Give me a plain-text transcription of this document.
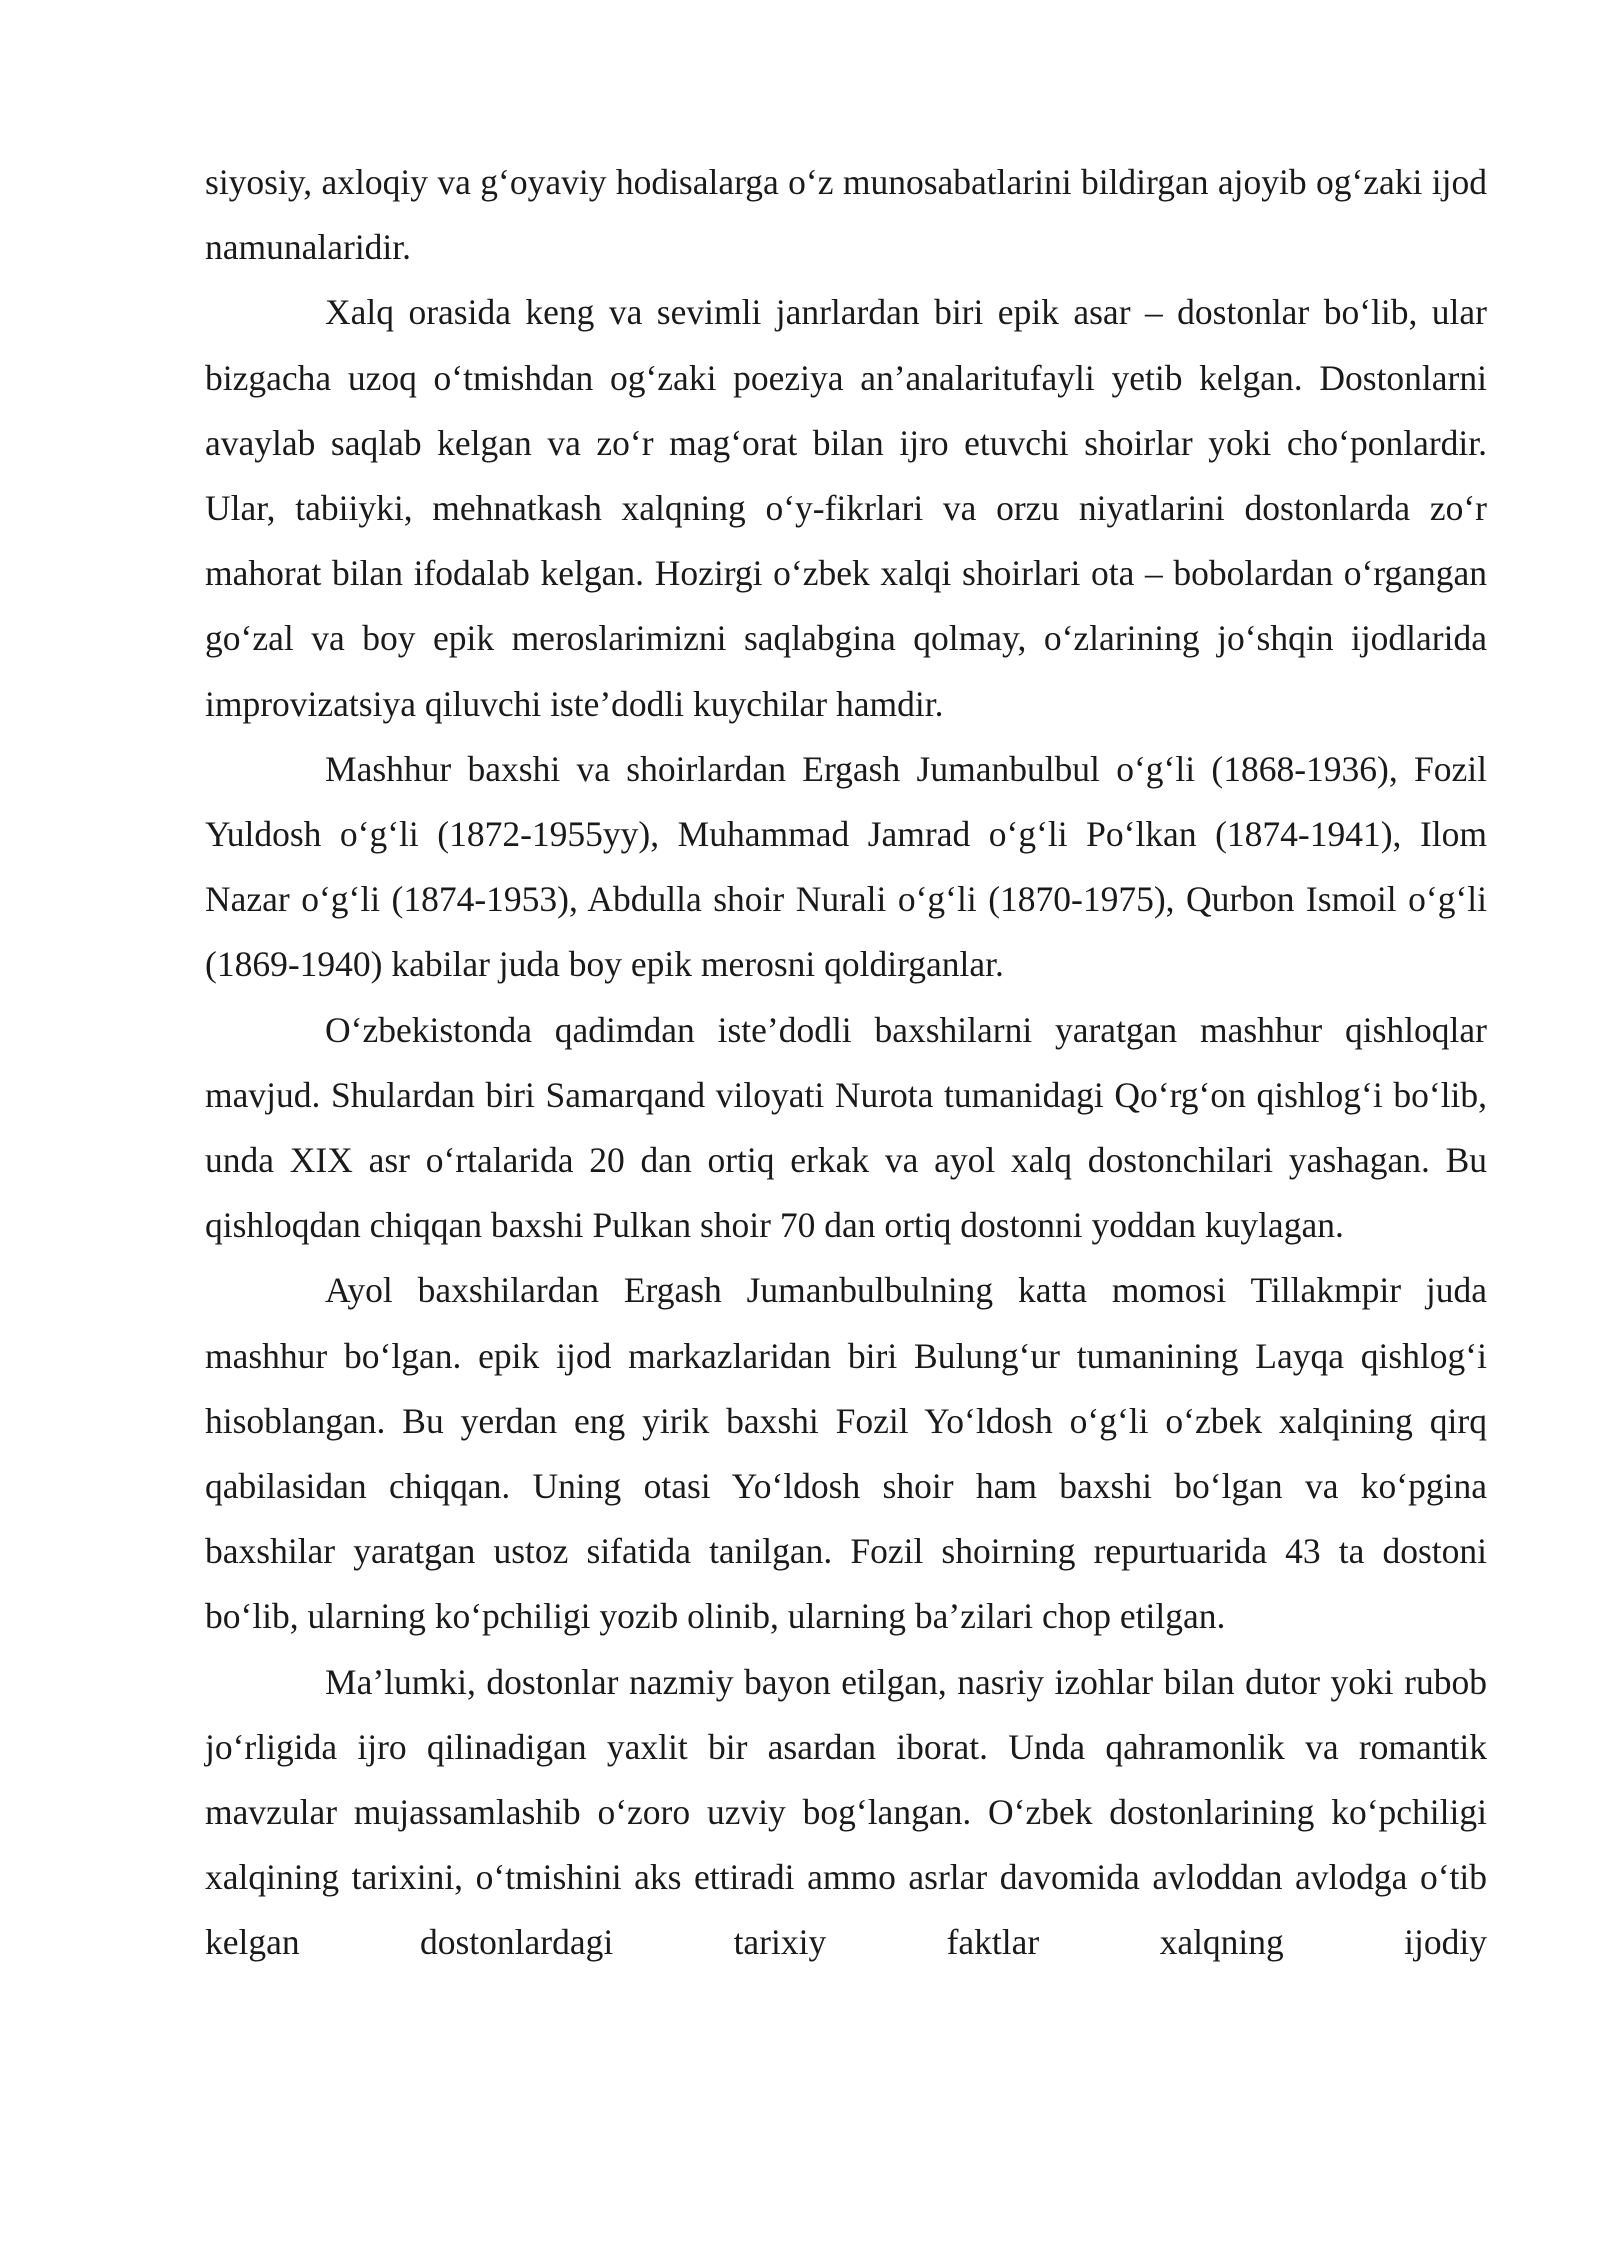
siyosiy, axloqiy va g‘oyaviy hodisalarga o‘z munosabatlarini bildirgan ajoyib og‘zaki ijod namunalaridir.

Xalq orasida keng va sevimli janrlardan biri epik asar – dostonlar bo‘lib, ular bizgacha uzoq o‘tmishdan og‘zaki poeziya an’analaritufayli yetib kelgan. Dostonlarni avaylab saqlab kelgan va zo‘r mag‘orat bilan ijro etuvchi shoirlar yoki cho‘ponlardir. Ular, tabiiyki, mehnatkash xalqning o‘y-fikrlari va orzu niyatlarini dostonlarda zo‘r mahorat bilan ifodalab kelgan. Hozirgi o‘zbek xalqi shoirlari ota – bobolardan o‘rgangan go‘zal va boy epik meroslarimizni saqlabgina qolmay, o‘zlarining jo‘shqin ijodlarida improvizatsiya qiluvchi iste’dodli kuychilar hamdir.

Mashhur baxshi va shoirlardan Ergash Jumanbulbul o‘g‘li (1868-1936), Fozil Yuldosh o‘g‘li (1872-1955yy), Muhammad Jamrad o‘g‘li Po‘lkan (1874-1941), Ilom Nazar o‘g‘li (1874-1953), Abdulla shoir Nurali o‘g‘li (1870-1975), Qurbon Ismoil o‘g‘li (1869-1940) kabilar juda boy epik merosni qoldirganlar.

O‘zbekistonda qadimdan iste’dodli baxshilarni yaratgan mashhur qishloqlar mavjud. Shulardan biri Samarqand viloyati Nurota tumanidagi Qo‘rg‘on qishlog‘i bo‘lib, unda XIX asr o‘rtalarida 20 dan ortiq erkak va ayol xalq dostonchilari yashagan. Bu qishloqdan chiqqan baxshi Pulkan shoir 70 dan ortiq dostonni yoddan kuylagan.

Ayol baxshilardan Ergash Jumanbulbulning katta momosi Tillakmpir juda mashhur bo‘lgan. epik ijod markazlaridan biri Bulung‘ur tumanining Layqa qishlog‘i hisoblangan. Bu yerdan eng yirik baxshi Fozil Yo‘ldosh o‘g‘li o‘zbek xalqining qirq qabilasidan chiqqan. Uning otasi Yo‘ldosh shoir ham baxshi bo‘lgan va ko‘pgina baxshilar yaratgan ustoz sifatida tanilgan. Fozil shoirning repurtuarida 43 ta dostoni bo‘lib, ularning ko‘pchiligi yozib olinib, ularning ba’zilari chop etilgan.

Ma’lumki, dostonlar nazmiy bayon etilgan, nasriy izohlar bilan dutor yoki rubob jo‘rligida ijro qilinadigan yaxlit bir asardan iborat. Unda qahramonlik va romantik mavzular mujassamlashib o‘zoro uzviy bog‘langan. O‘zbek dostonlarining ko‘pchiligi xalqining tarixini, o‘tmishini aks ettiradi ammo asrlar davomida avloddan avlodga o‘tib kelgan dostonlardagi tarixiy faktlar xalqning ijodiy
